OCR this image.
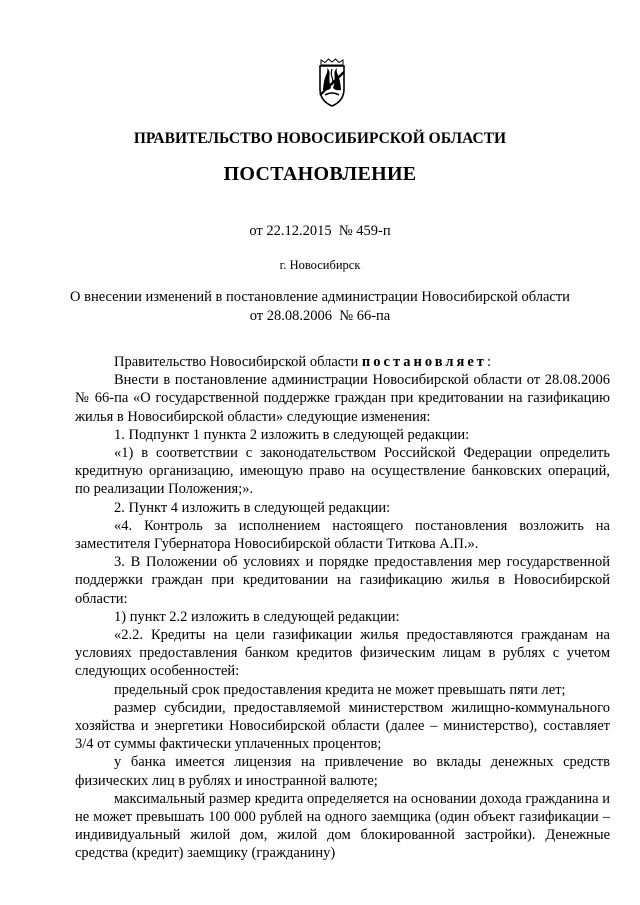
ПРАВИТЕЛЬСТВО НОВОСИБИРСКОЙ ОБЛАСТИ
ПОСТАНОВЛЕНИЕ
от 22.12.2015  № 459-п
г. Новосибирск
О внесении изменений в постановление администрации Новосибирской области
от 28.08.2006  № 66-па

Правительство Новосибирской области постановляет:

Внести в постановление администрации Новосибирской области от 28.08.2006 № 66-па «О государственной поддержке граждан при кредитовании на газификацию жилья в Новосибирской области» следующие изменения:

1. Подпункт 1 пункта 2 изложить в следующей редакции:

«1) в соответствии с законодательством Российской Федерации определить кредитную организацию, имеющую право на осуществление банковских операций, по реализации Положения;».

2. Пункт 4 изложить в следующей редакции:

«4. Контроль за исполнением настоящего постановления возложить на заместителя Губернатора Новосибирской области Титкова А.П.».

3. В Положении об условиях и порядке предоставления мер государственной поддержки граждан при кредитовании на газификацию жилья в Новосибирской области:

1) пункт 2.2 изложить в следующей редакции:

«2.2. Кредиты на цели газификации жилья предоставляются гражданам на условиях предоставления банком кредитов физическим лицам в рублях с учетом следующих особенностей:

предельный срок предоставления кредита не может превышать пяти лет;

размер субсидии, предоставляемой министерством жилищно-коммунального хозяйства и энергетики Новосибирской области (далее – министерство), составляет 3/4 от суммы фактически уплаченных процентов;

у банка имеется лицензия на привлечение во вклады денежных средств физических лиц в рублях и иностранной валюте;

максимальный размер кредита определяется на основании дохода гражданина и не может превышать 100 000 рублей на одного заемщика (один объект газификации – индивидуальный жилой дом, жилой дом блокированной застройки). Денежные средства (кредит) заемщику (гражданину)
